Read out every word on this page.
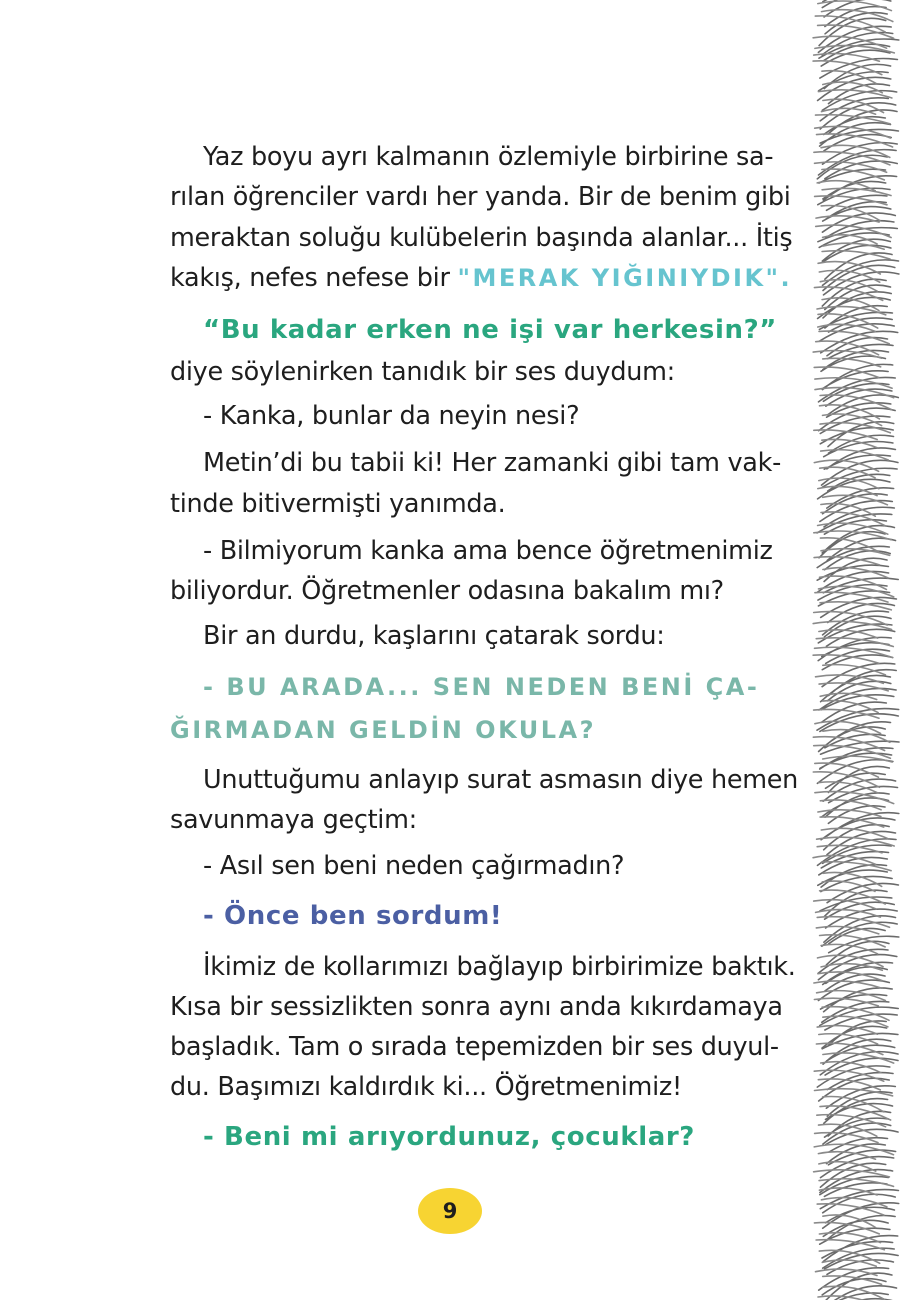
Yaz boyu ayrı kalmanın özlemiyle birbirine sa-
rılan öğrenciler vardı her yanda. Bir de benim gibi
meraktan soluğu kulübelerin başında alanlar... İtiş
kakış, nefes nefese bir "MERAK YIĞINIYDIK".
“Bu kadar erken ne işi var herkesin?”
diye söylenirken tanıdık bir ses duydum:
- Kanka, bunlar da neyin nesi?
Metin’di bu tabii ki! Her zamanki gibi tam vak-
tinde bitivermişti yanımda.
- Bilmiyorum kanka ama bence öğretmenimiz
biliyordur. Öğretmenler odasına bakalım mı?
Bir an durdu, kaşlarını çatarak sordu:
- BU ARADA... SEN NEDEN BENİ ÇA-
ĞIRMADAN GELDİN OKULA?
Unuttuğumu anlayıp surat asmasın diye hemen
savunmaya geçtim:
- Asıl sen beni neden çağırmadın?
- Önce ben sordum!
İkimiz de kollarımızı bağlayıp birbirimize baktık.
Kısa bir sessizlikten sonra aynı anda kıkırdamaya
başladık. Tam o sırada tepemizden bir ses duyul-
du. Başımızı kaldırdık ki... Öğretmenimiz!
- Beni mi arıyordunuz, çocuklar?
9
